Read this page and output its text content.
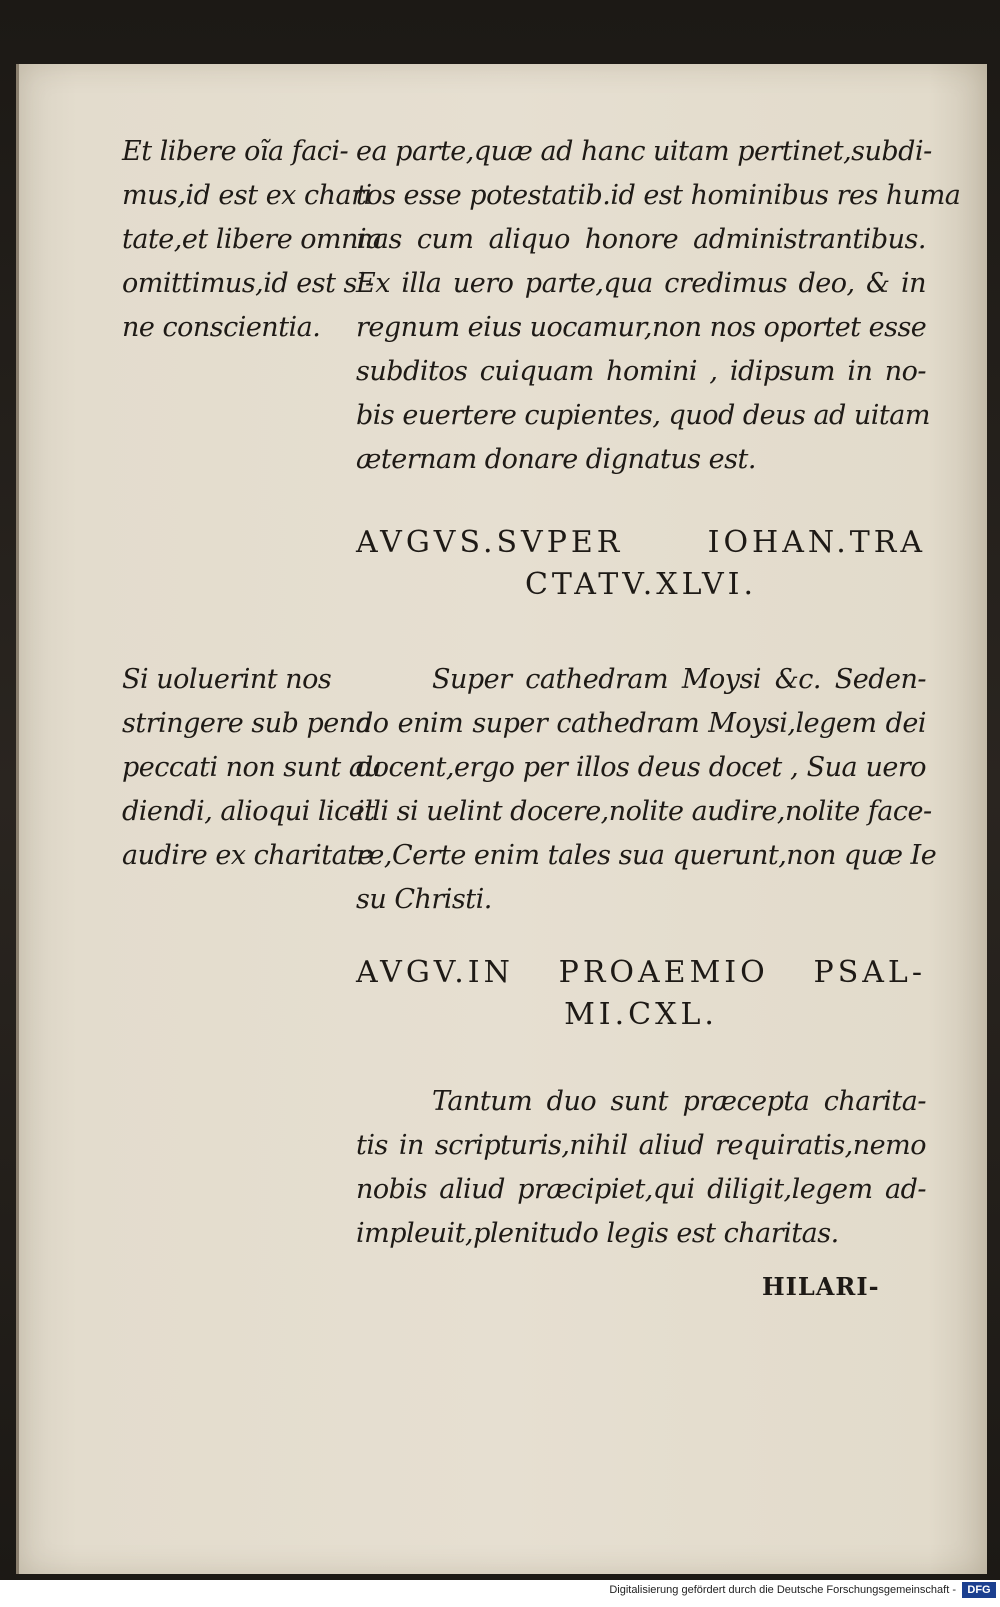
Et libere oĩa faci-
mus,id est ex chari
tate,et libere omnia
omittimus,id est si-
ne conscientia.
ea parte,quæ ad hanc uitam pertinet,subdi-
tos esse potestatib.id est hominibus res huma
nas cum aliquo honore administrantibus.
Ex illa uero parte,qua credimus deo, & in
regnum eius uocamur,non nos oportet esse
subditos cuiquam homini , idipsum in no-
bis euertere cupientes, quod deus ad uitam
æternam donare dignatus est.
AVGVS.SVPER IOHAN.TRA
CTATV.XLVI.
Si uoluerint nos
stringere sub pena
peccati non sunt au
diendi, alioqui licet
audire ex charitate
Super cathedram Moysi &c. Seden-
do enim super cathedram Moysi,legem dei
docent,ergo per illos deus docet , Sua uero
illi si uelint docere,nolite audire,nolite face-
re,Certe enim tales sua querunt,non quæ Ie
su Christi.
AVGV.IN PROAEMIO PSAL-
MI.CXL.
Tantum duo sunt præcepta charita-
tis in scripturis,nihil aliud requiratis,nemo
nobis aliud præcipiet,qui diligit,legem ad-
impleuit,plenitudo legis est charitas.
HILARI-
Digitalisierung gefördert durch die Deutsche Forschungsgemeinschaft -	DFG
